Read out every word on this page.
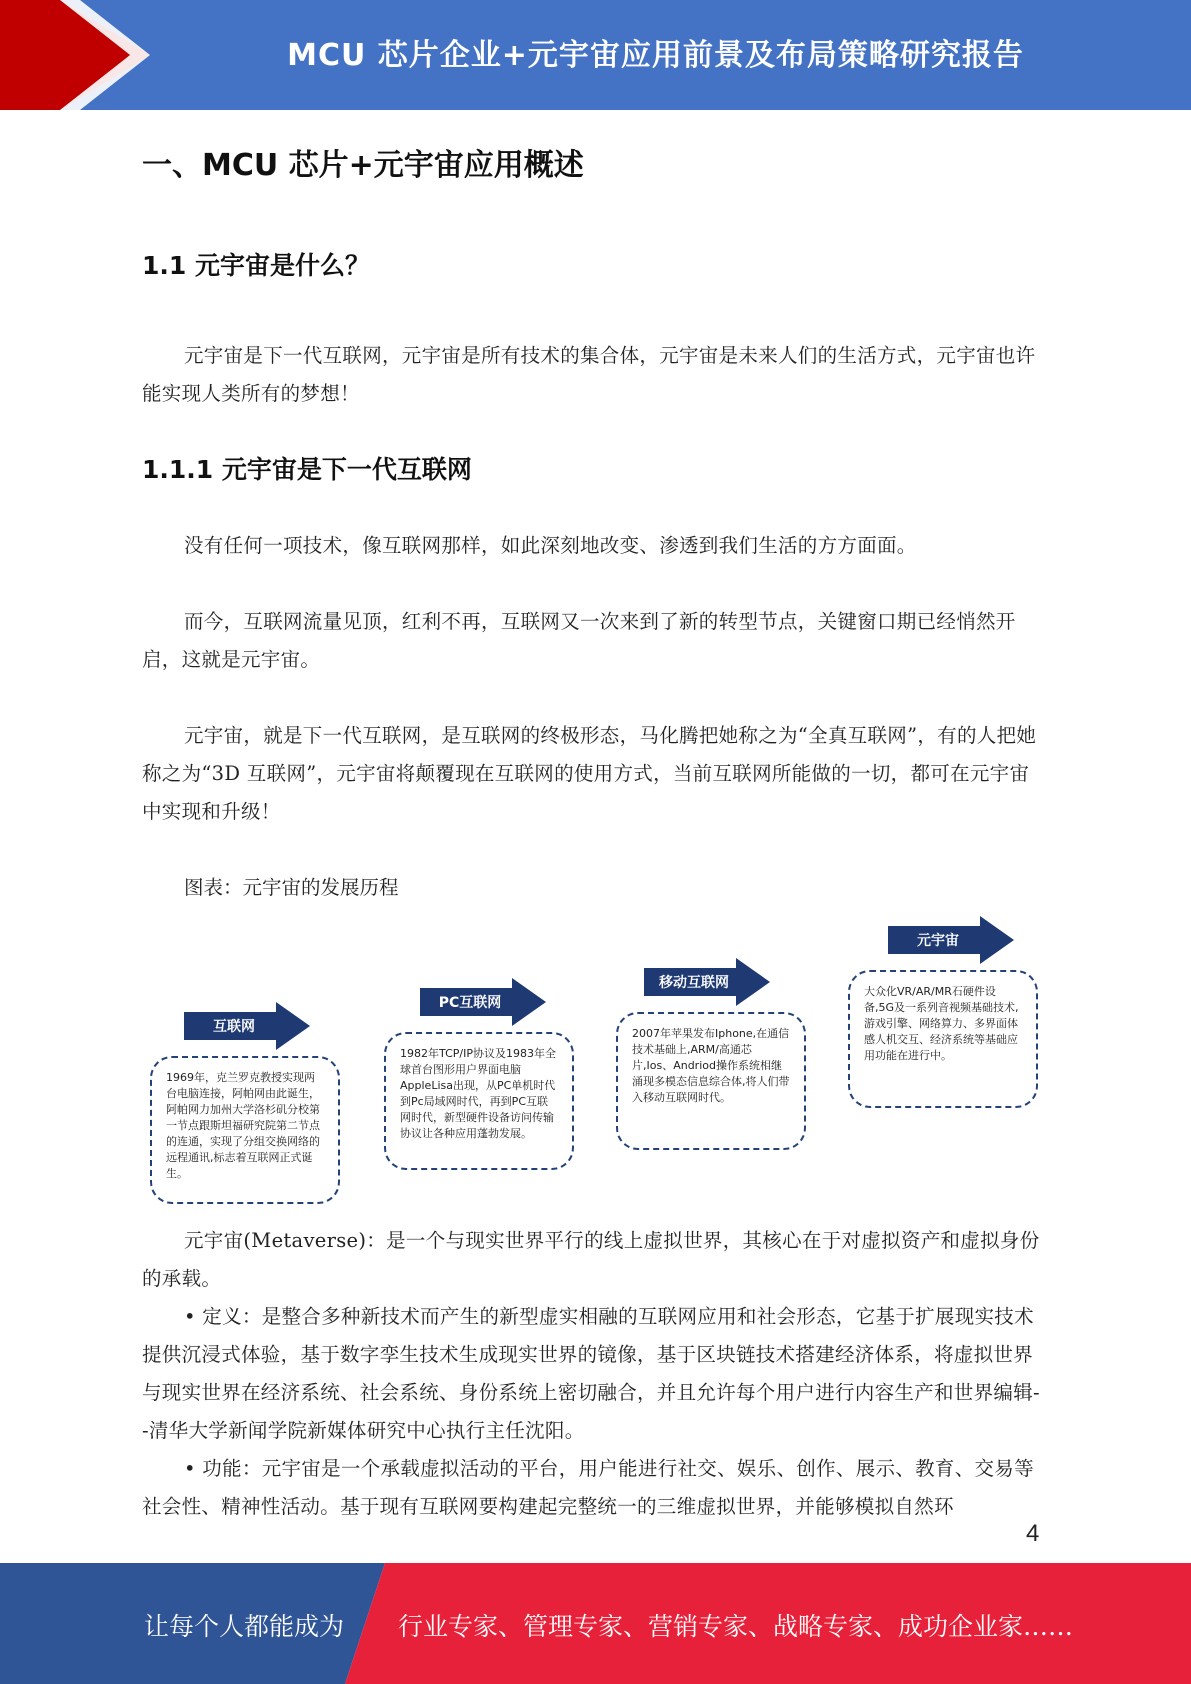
MCU 芯片企业+元宇宙应用前景及布局策略研究报告
一、MCU 芯片+元宇宙应用概述
1.1 元宇宙是什么？
元宇宙是下一代互联网，元宇宙是所有技术的集合体，元宇宙是未来人们的生活方式，元宇宙也许能实现人类所有的梦想！
1.1.1 元宇宙是下一代互联网
没有任何一项技术，像互联网那样，如此深刻地改变、渗透到我们生活的方方面面。
而今，互联网流量见顶，红利不再，互联网又一次来到了新的转型节点，关键窗口期已经悄然开启，这就是元宇宙。
元宇宙，就是下一代互联网，是互联网的终极形态，马化腾把她称之为“全真互联网”，有的人把她称之为“3D 互联网”，元宇宙将颠覆现在互联网的使用方式，当前互联网所能做的一切，都可在元宇宙中实现和升级！
图表：元宇宙的发展历程
互联网
1969年，克兰罗克教授实现两台电脑连接，阿帕网由此诞生，阿帕网力加州大学洛杉矶分校第一节点跟斯坦福研究院第二节点的连通，实现了分组交换网络的远程通讯,标志着互联网正式诞生。
PC互联网
1982年TCP/IP协议及1983年全球首台图形用户界面电脑AppleLisa出现，从PC单机时代到Pc局域网时代，再到PC互联网时代，新型硬件设备访问传输协议让各种应用蓬勃发展。
移动互联网
2007年苹果发布Iphone,在通信技术基础上,ARM/高通芯片,Ios、Andriod操作系统相继涌现多模态信息综合体,将人们带入移动互联网时代。
元宇宙
大众化VR/AR/MR石硬件设备,5G及一系列音视频基础技术,游戏引擎、网络算力、多界面体感人机交互、经济系统等基础应用功能在进行中。
元宇宙(Metaverse)：是一个与现实世界平行的线上虚拟世界，其核心在于对虚拟资产和虚拟身份的承载。
• 定义：是整合多种新技术而产生的新型虚实相融的互联网应用和社会形态，它基于扩展现实技术提供沉浸式体验，基于数字孪生技术生成现实世界的镜像，基于区块链技术搭建经济体系，将虚拟世界与现实世界在经济系统、社会系统、身份系统上密切融合，并且允许每个用户进行内容生产和世界编辑--清华大学新闻学院新媒体研究中心执行主任沈阳。
• 功能：元宇宙是一个承载虚拟活动的平台，用户能进行社交、娱乐、创作、展示、教育、交易等社会性、精神性活动。基于现有互联网要构建起完整统一的三维虚拟世界，并能够模拟自然环
4
让每个人都能成为 行业专家、管理专家、营销专家、战略专家、成功企业家……
